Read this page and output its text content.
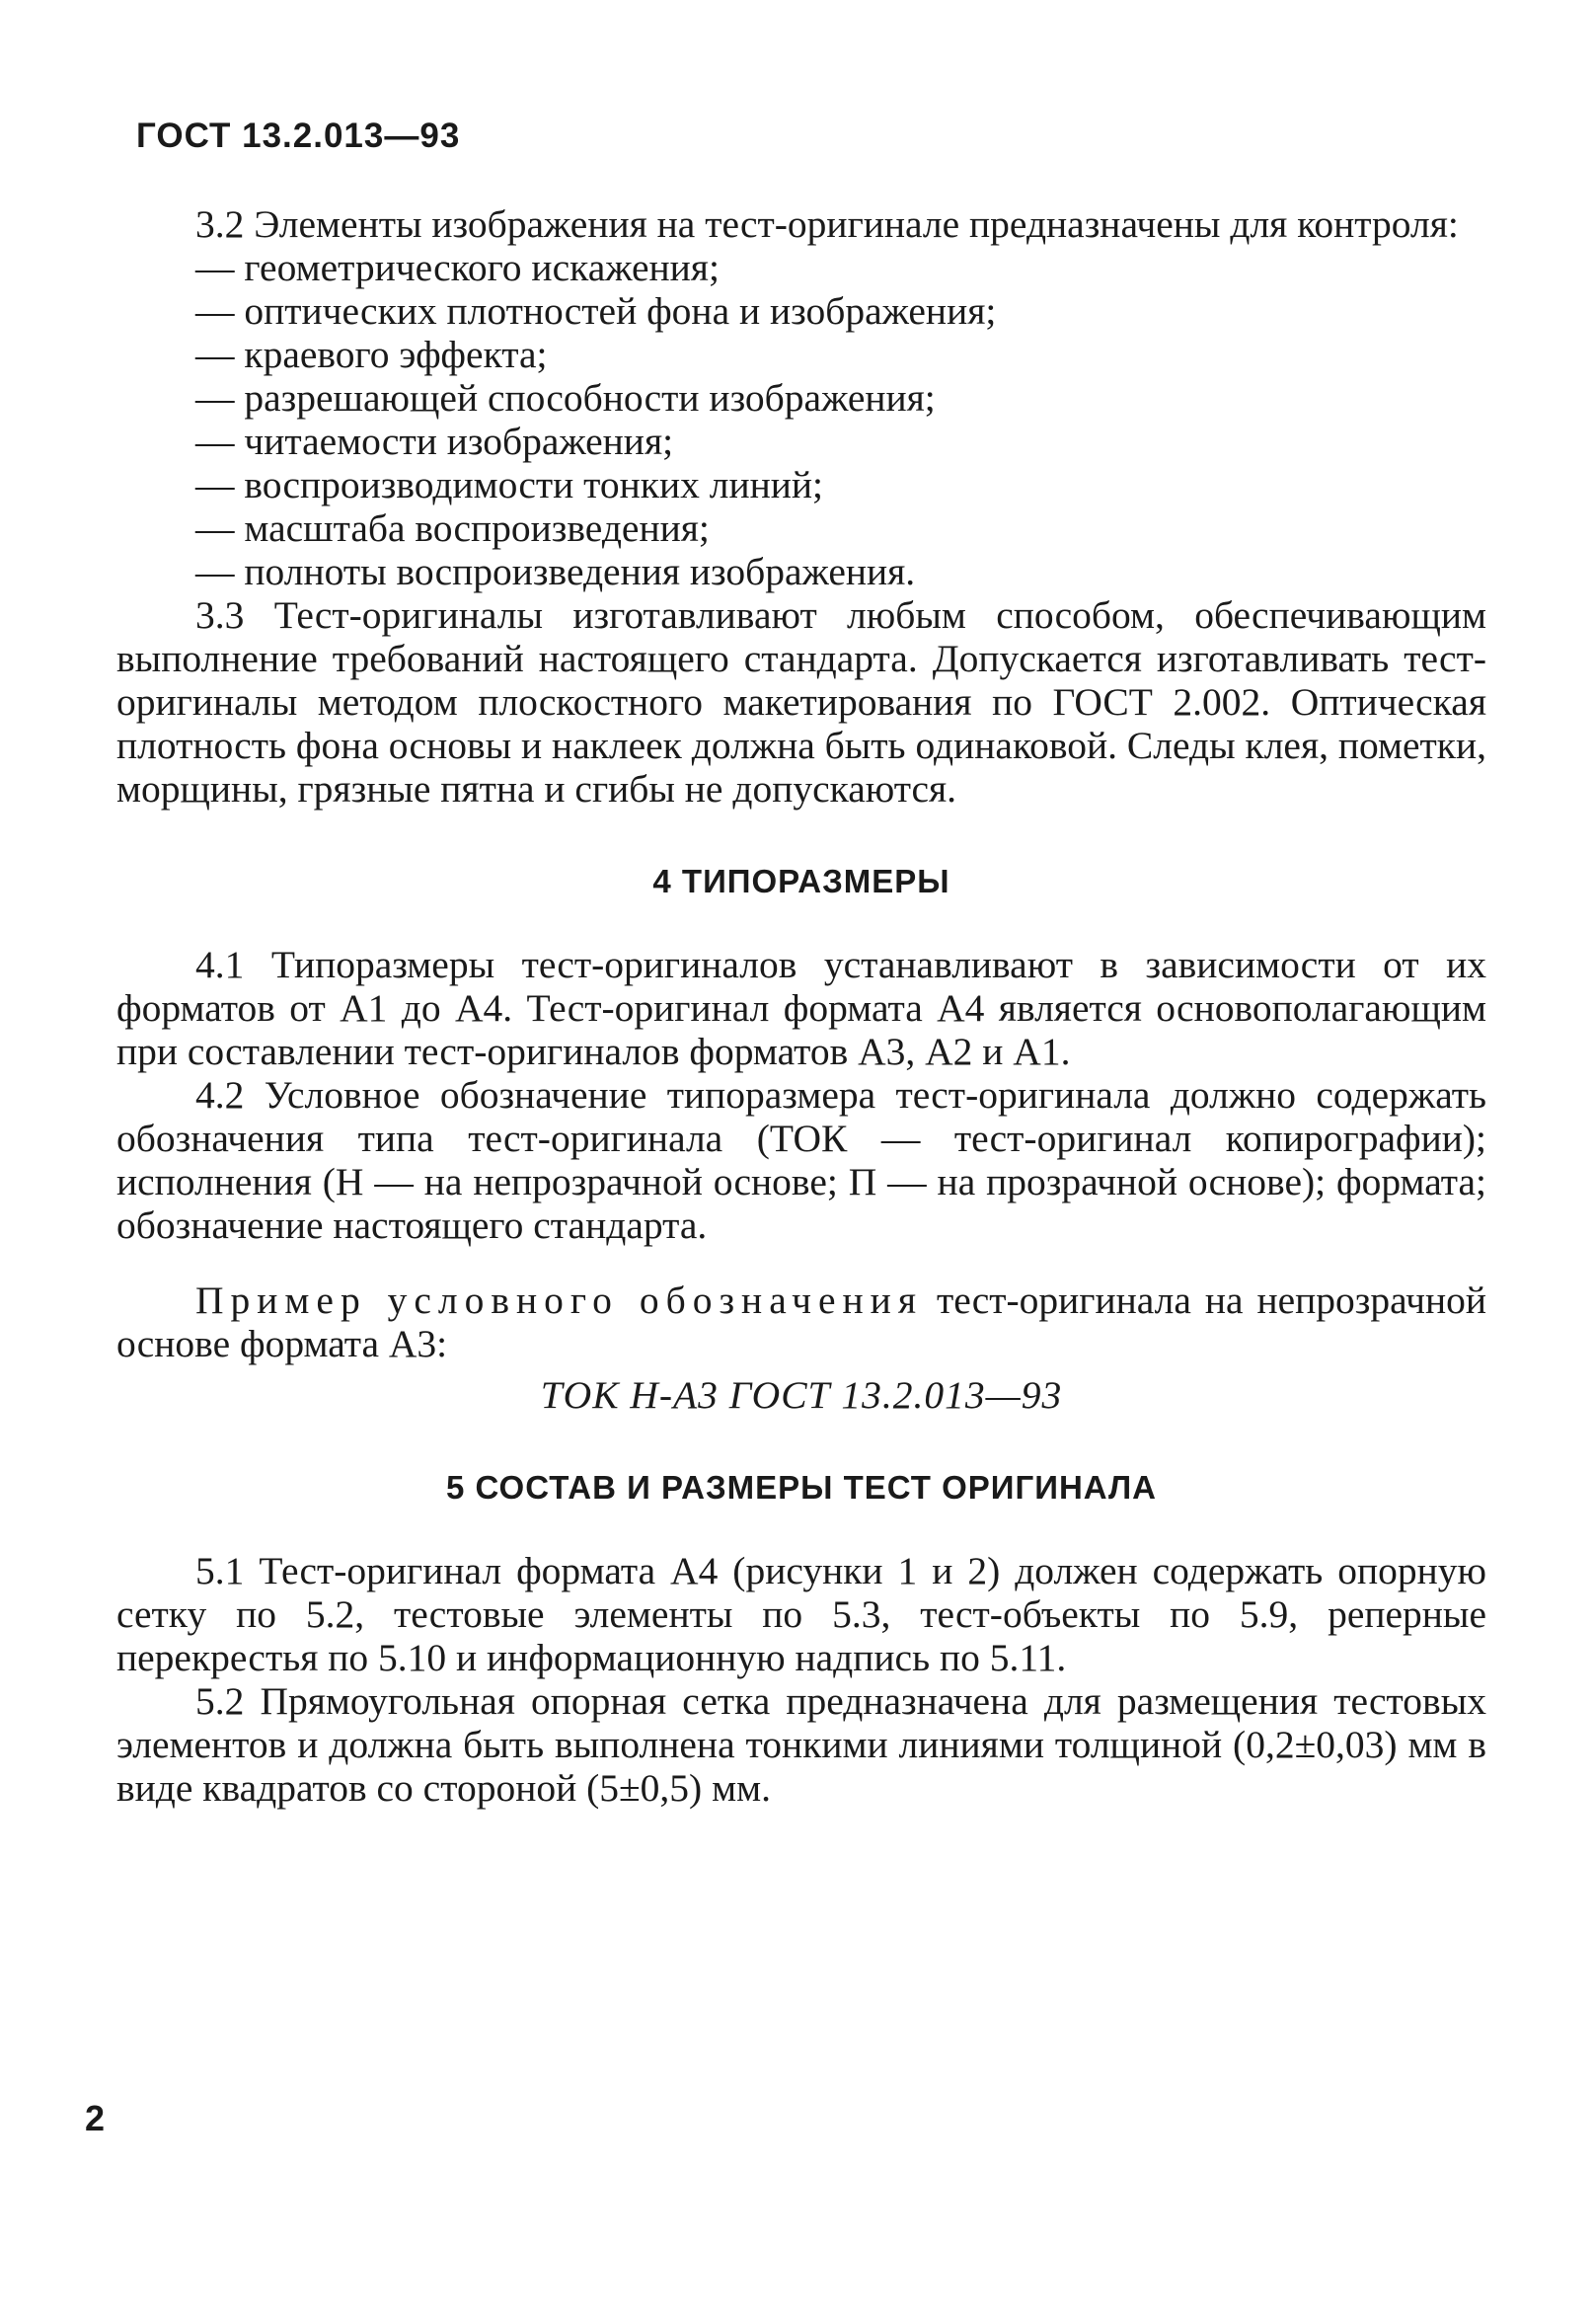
ГОСТ 13.2.013—93

3.2 Элементы изображения на тест-оригинале предназначены для контроля:

— геометрического искажения;
— оптических плотностей фона и изображения;
— краевого эффекта;
— разрешающей способности изображения;
— читаемости изображения;
— воспроизводимости тонких линий;
— масштаба воспроизведения;
— полноты воспроизведения изображения.

3.3 Тест-оригиналы изготавливают любым способом, обеспечивающим выполнение требований настоящего стандарта. Допускается изготавливать тест-оригиналы методом плоскостного макетирования по ГОСТ 2.002. Оптическая плотность фона основы и наклеек должна быть одинаковой. Следы клея, пометки, морщины, грязные пятна и сгибы не допускаются.

4 ТИПОРАЗМЕРЫ

4.1 Типоразмеры тест-оригиналов устанавливают в зависимости от их форматов от А1 до А4. Тест-оригинал формата А4 является основополагающим при составлении тест-оригиналов форматов А3, А2 и А1.

4.2 Условное обозначение типоразмера тест-оригинала должно содержать обозначения типа тест-оригинала (ТОК — тест-оригинал копирографии); исполнения (Н — на непрозрачной основе; П — на прозрачной основе); формата; обозначение настоящего стандарта.

Пример условного обозначения тест-оригинала на непрозрачной основе формата А3:

ТОК Н-А3 ГОСТ 13.2.013—93
5 СОСТАВ И РАЗМЕРЫ ТЕСТ ОРИГИНАЛА

5.1 Тест-оригинал формата А4 (рисунки 1 и 2) должен содержать опорную сетку по 5.2, тестовые элементы по 5.3, тест-объекты по 5.9, реперные перекрестья по 5.10 и информационную надпись по 5.11.

5.2 Прямоугольная опорная сетка предназначена для размещения тестовых элементов и должна быть выполнена тонкими линиями толщиной (0,2±0,03) мм в виде квадратов со стороной (5±0,5) мм.

2
